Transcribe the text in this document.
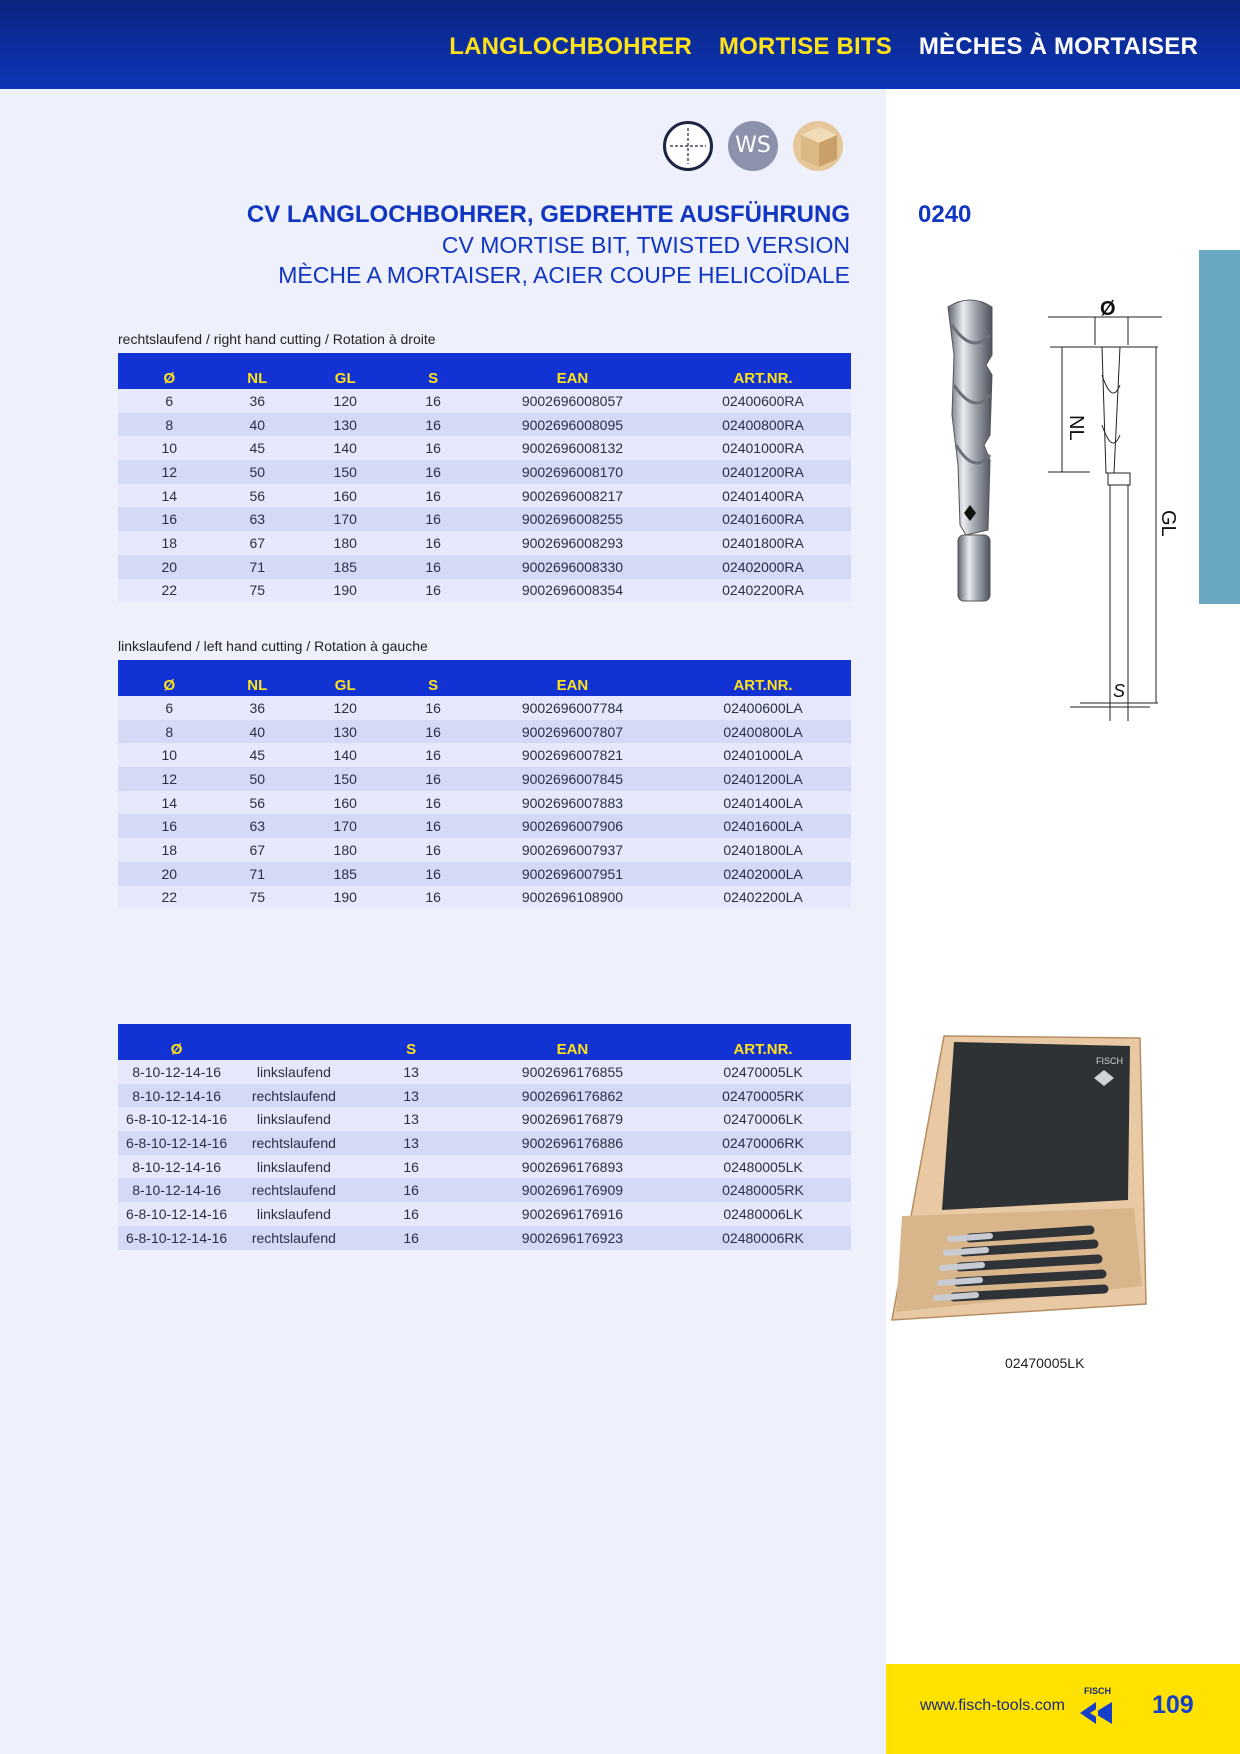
LANGLOCHBOHRER MORTISE BITS MÈCHES À MORTAISER
WS
CV LANGLOCHBOHRER, GEDREHTE AUSFÜHRUNG
CV MORTISE BIT, TWISTED VERSION
MÈCHE A MORTAISER, ACIER COUPE HELICOÏDALE
0240
rechtslaufend / right hand cutting / Rotation à droite
Ø	NL	GL	S	EAN	ART.NR.
6	36	120	16	9002696008057	02400600RA
8	40	130	16	9002696008095	02400800RA
10	45	140	16	9002696008132	02401000RA
12	50	150	16	9002696008170	02401200RA
14	56	160	16	9002696008217	02401400RA
16	63	170	16	9002696008255	02401600RA
18	67	180	16	9002696008293	02401800RA
20	71	185	16	9002696008330	02402000RA
22	75	190	16	9002696008354	02402200RA
linkslaufend / left hand cutting / Rotation à gauche
Ø	NL	GL	S	EAN	ART.NR.
6	36	120	16	9002696007784	02400600LA
8	40	130	16	9002696007807	02400800LA
10	45	140	16	9002696007821	02401000LA
12	50	150	16	9002696007845	02401200LA
14	56	160	16	9002696007883	02401400LA
16	63	170	16	9002696007906	02401600LA
18	67	180	16	9002696007937	02401800LA
20	71	185	16	9002696007951	02402000LA
22	75	190	16	9002696108900	02402200LA
Ø		S	EAN	ART.NR.
8-10-12-14-16	linkslaufend	13	9002696176855	02470005LK
8-10-12-14-16	rechtslaufend	13	9002696176862	02470005RK
6-8-10-12-14-16	linkslaufend	13	9002696176879	02470006LK
6-8-10-12-14-16	rechtslaufend	13	9002696176886	02470006RK
8-10-12-14-16	linkslaufend	16	9002696176893	02480005LK
8-10-12-14-16	rechtslaufend	16	9002696176909	02480005RK
6-8-10-12-14-16	linkslaufend	16	9002696176916	02480006LK
6-8-10-12-14-16	rechtslaufend	16	9002696176923	02480006RK
Ø
NL
GL
S
FISCH
02470005LK
www.fisch-tools.com
FISCH 109
